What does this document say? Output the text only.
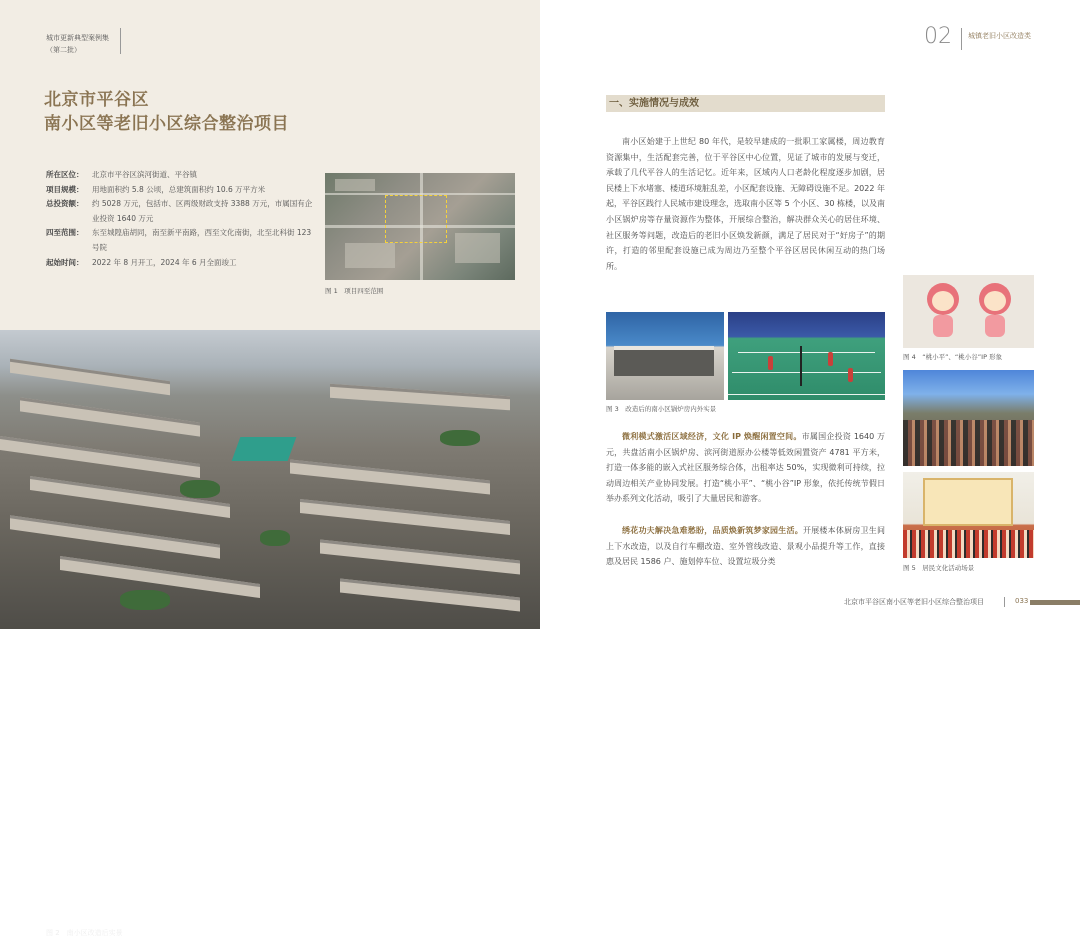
城市更新典型案例集
（第二批）
北京市平谷区
南小区等老旧小区综合整治项目
所在区位：	北京市平谷区滨河街道、平谷镇
项目规模：	用地面积约 5.8 公顷，总建筑面积约 10.6 万平方米
总投资额：	约 5028 万元，包括市、区两级财政支持 3388 万元，市属国有企业投资 1640 万元
四至范围：	东至城隍庙胡同，南至新平南路，西至文化南街，北至北科街 123 号院
起始时间：	2022 年 8 月开工，2024 年 6 月全面竣工
图 1　项目四至范围
图 2　南小区改造后实景
02 城镇老旧小区改造类
一、实施情况与成效
南小区始建于上世纪 80 年代，是较早建成的一批职工家属楼，周边教育资源集中，生活配套完善，位于平谷区中心位置，见证了城市的发展与变迁，承载了几代平谷人的生活记忆。近年来，区域内人口老龄化程度逐步加剧，居民楼上下水堵塞、楼道环境脏乱差，小区配套设施、无障碍设施不足。2022 年起，平谷区践行人民城市建设理念，选取南小区等 5 个小区、30 栋楼，以及南小区锅炉房等存量资源作为整体，开展综合整治，解决群众关心的居住环境、社区服务等问题，改造后的老旧小区焕发新颜，满足了居民对于“好房子”的期许，打造的邻里配套设施已成为周边乃至整个平谷区居民休闲互动的热门场所。
图 3　改造后的南小区锅炉房内外实景
微利模式激活区域经济，文化 IP 焕醒闲置空间。市属国企投资 1640 万元，共盘活南小区锅炉房、滨河街道原办公楼等低效闲置资产 4781 平方米，打造一体多能的嵌入式社区服务综合体，出租率达 50%，实现微利可持续，拉动周边相关产业协同发展。打造“桃小平”、“桃小谷”IP 形象，依托传统节假日举办系列文化活动，吸引了大量居民和游客。
绣花功夫解决急难愁盼，品质焕新筑梦家园生活。开展楼本体厨房卫生间上下水改造，以及自行车棚改造、室外管线改造、景观小品提升等工作，直接惠及居民 1586 户、施划停车位、设置垃圾分类
图 4　“桃小平”、“桃小谷”IP 形象
图 5　居民文化活动场景
北京市平谷区南小区等老旧小区综合整治项目	033
